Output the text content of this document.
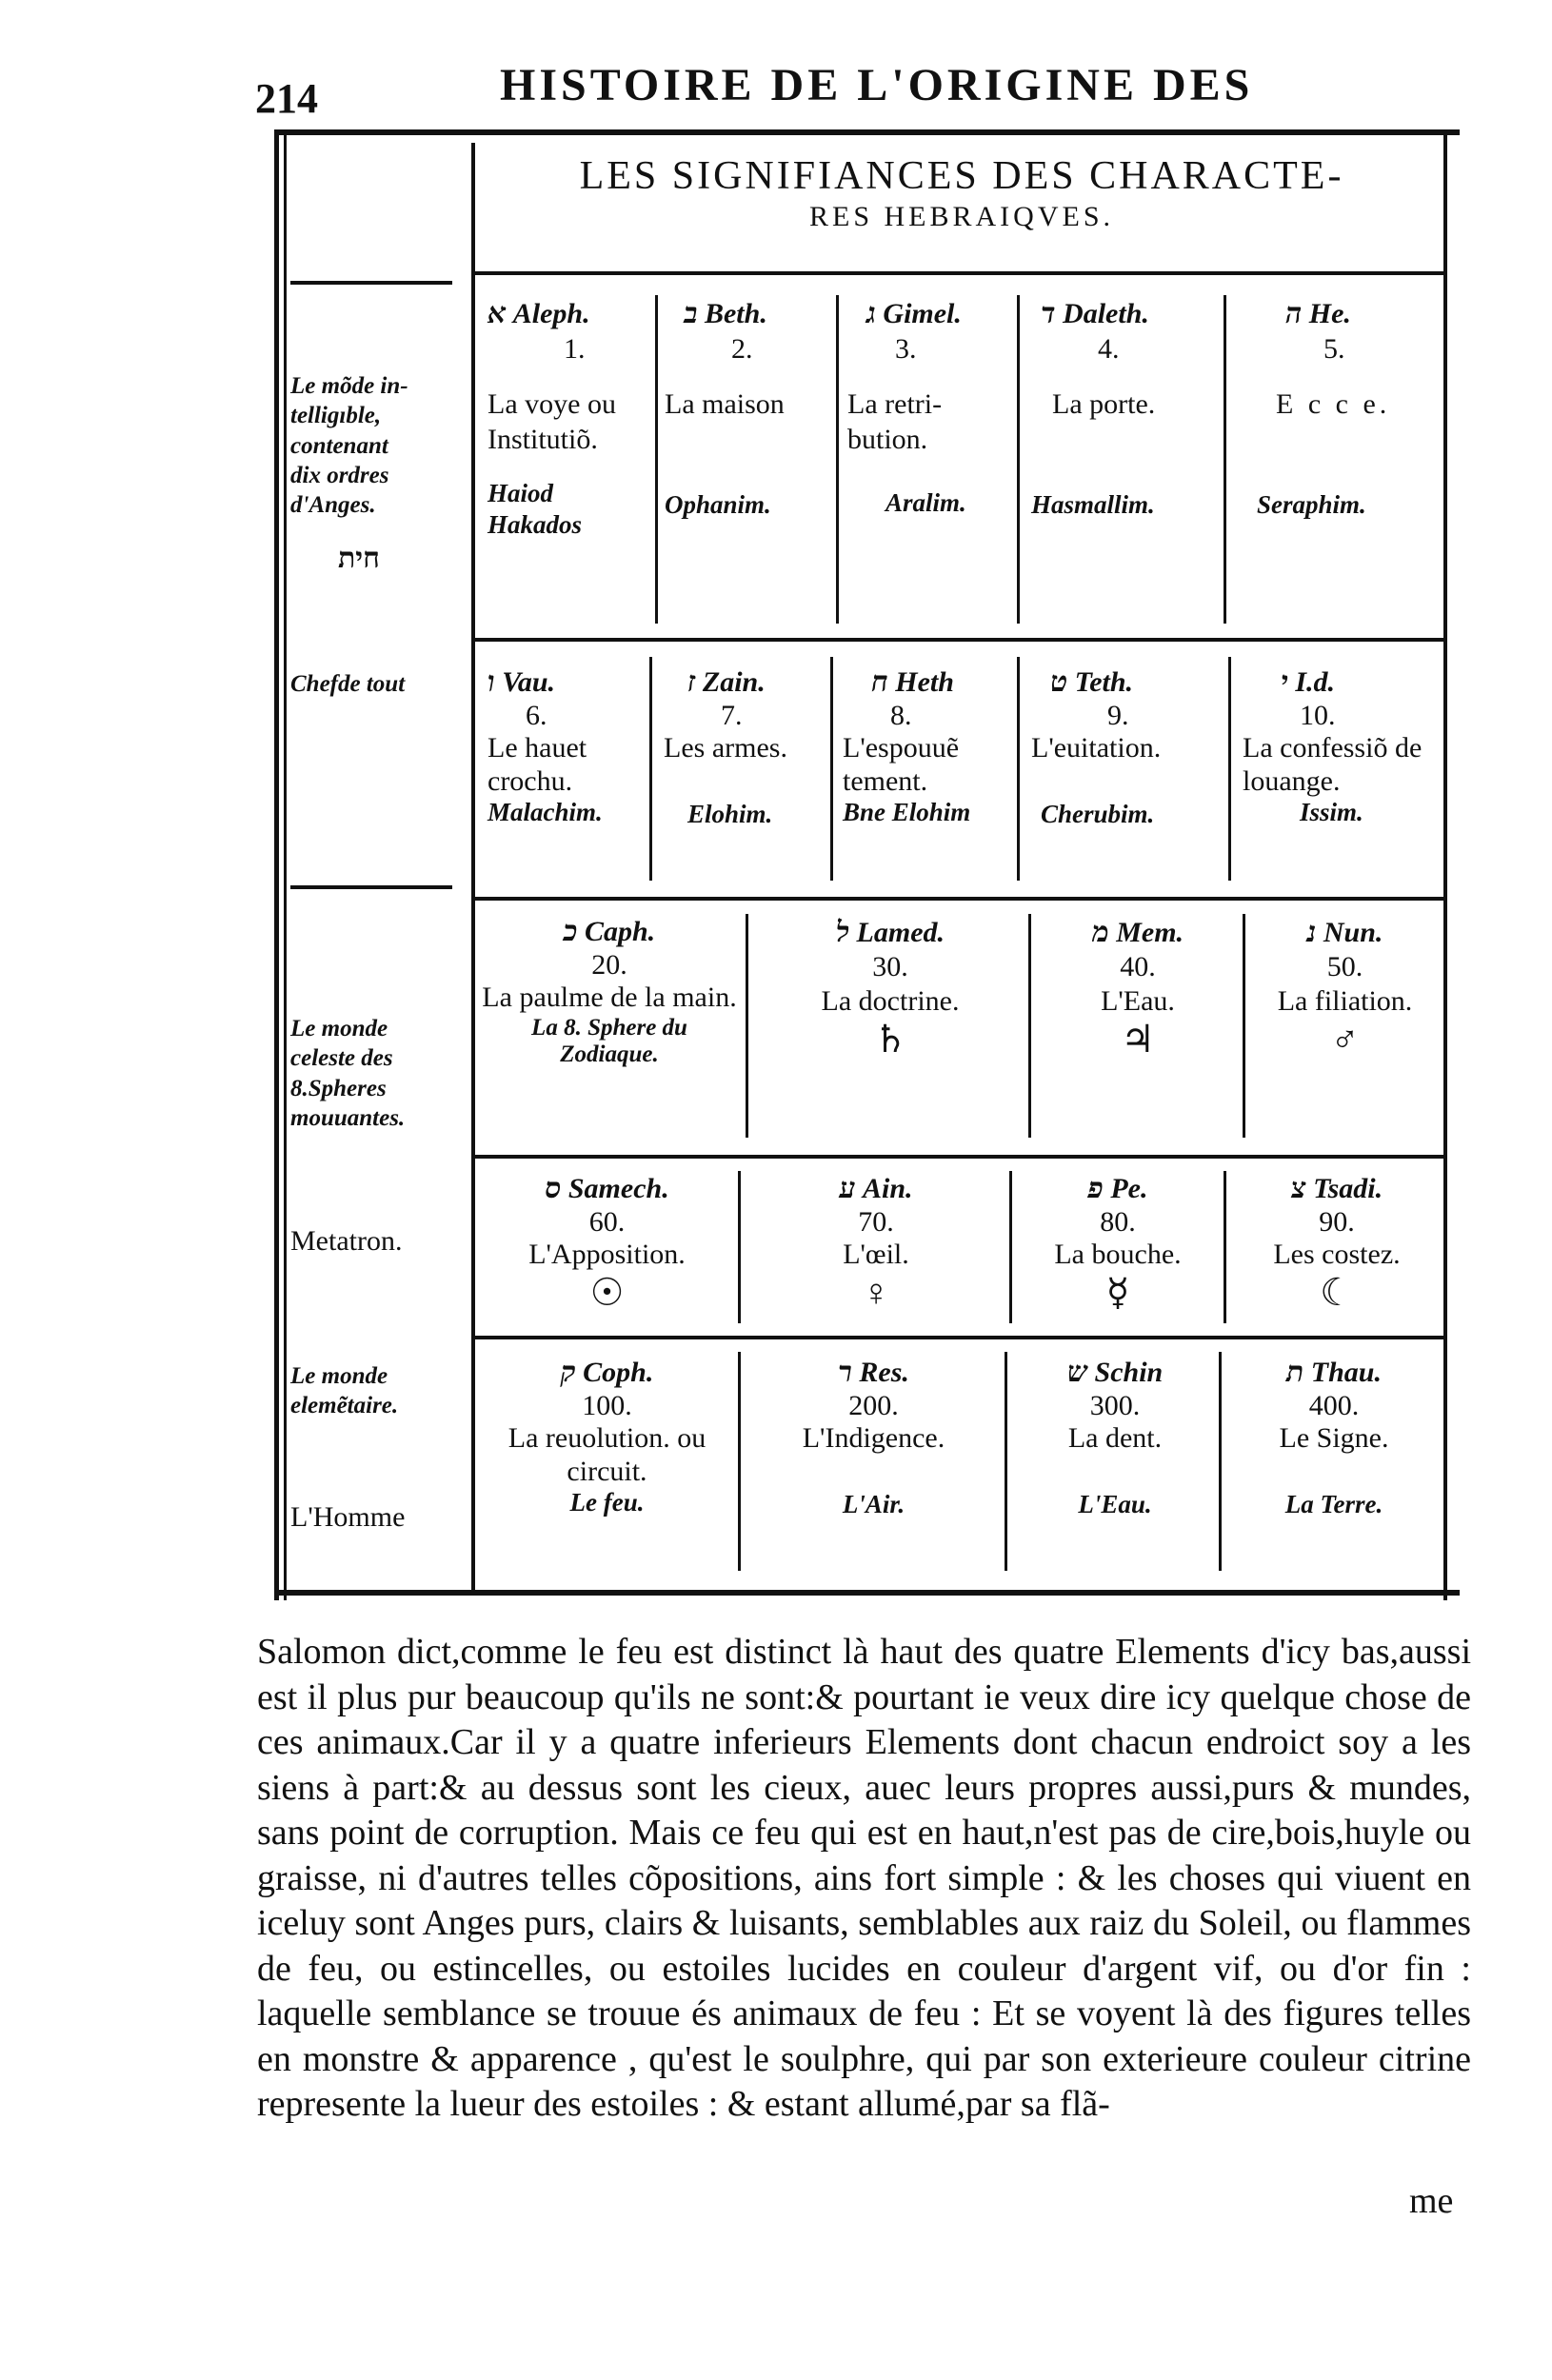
214	HISTOIRE DE L'ORIGINE DES
LES SIGNIFIANCES DES CHARACTE-
RES HEBRAIQVES.
Le mõde in-
telligıble,
contenant
dix ordres
d'Anges.
חית
Chefde tout
Le monde
celeste des
8.Spheres
mouuantes.
Metatron.
Le monde
elemẽtaire.
L'Homme
א Aleph.
1.
La voye ou Institutiõ.
Haiod Hakados
ב Beth.
2.
La maison
Ophanim.
ג Gimel.
3.
La retri- bution.
Aralim.
ד Daleth.
4.
La porte.
Hasmallim.
ה He.
5.
E c c e.
Seraphim.
ו Vau.
6.
Le hauet crochu.
Malachim.
ז Zain.
7.
Les armes.
Elohim.
ח Heth
8.
L'espouuẽ tement.
Bne Elohim
ט Teth.
9.
L'euitation.
Cherubim.
י I.d.
10.
La confessiõ de louange.
Issim.
כ Caph.
20.
La paulme de la main.
La 8. Sphere du Zodiaque.
ל Lamed.
30.
La doctrine.
♄
מ Mem.
40.
L'Eau.
♃
נ Nun.
50.
La filiation.
♂
ס Samech.
60.
L'Apposition.
☉
ע Ain.
70.
L'œil.
♀
פ Pe.
80.
La bouche.
☿
צ Tsadi.
90.
Les costez.
☾
ק Coph.
100.
La reuolution. ou circuit.
Le feu.
ר Res.
200.
L'Indigence.
L'Air.
ש Schin
300.
La dent.
L'Eau.
ת Thau.
400.
Le Signe.
La Terre.
Salomon dict,comme le feu est distinct là haut des quatre Elements d'icy bas,aussi est il plus pur beaucoup qu'ils ne sont:& pourtant ie veux dire icy quelque chose de ces animaux.Car il y a quatre inferieurs Elements dont chacun endroict soy a les siens à part:& au dessus sont les cieux, auec leurs propres aussi,purs & mundes, sans point de corruption. Mais ce feu qui est en haut,n'est pas de cire,bois,huyle ou graisse, ni d'autres telles cõpositions, ains fort simple : & les choses qui viuent en iceluy sont Anges purs, clairs & luisants, semblables aux raiz du Soleil, ou flammes de feu, ou estincelles, ou estoiles lucides en couleur d'argent vif, ou d'or fin : laquelle semblance se trouue és animaux de feu : Et se voyent là des figures telles en monstre & apparence , qu'est le soulphre, qui par son exterieure couleur citrine represente la lueur des estoiles : & estant allumé,par sa flã-
me
